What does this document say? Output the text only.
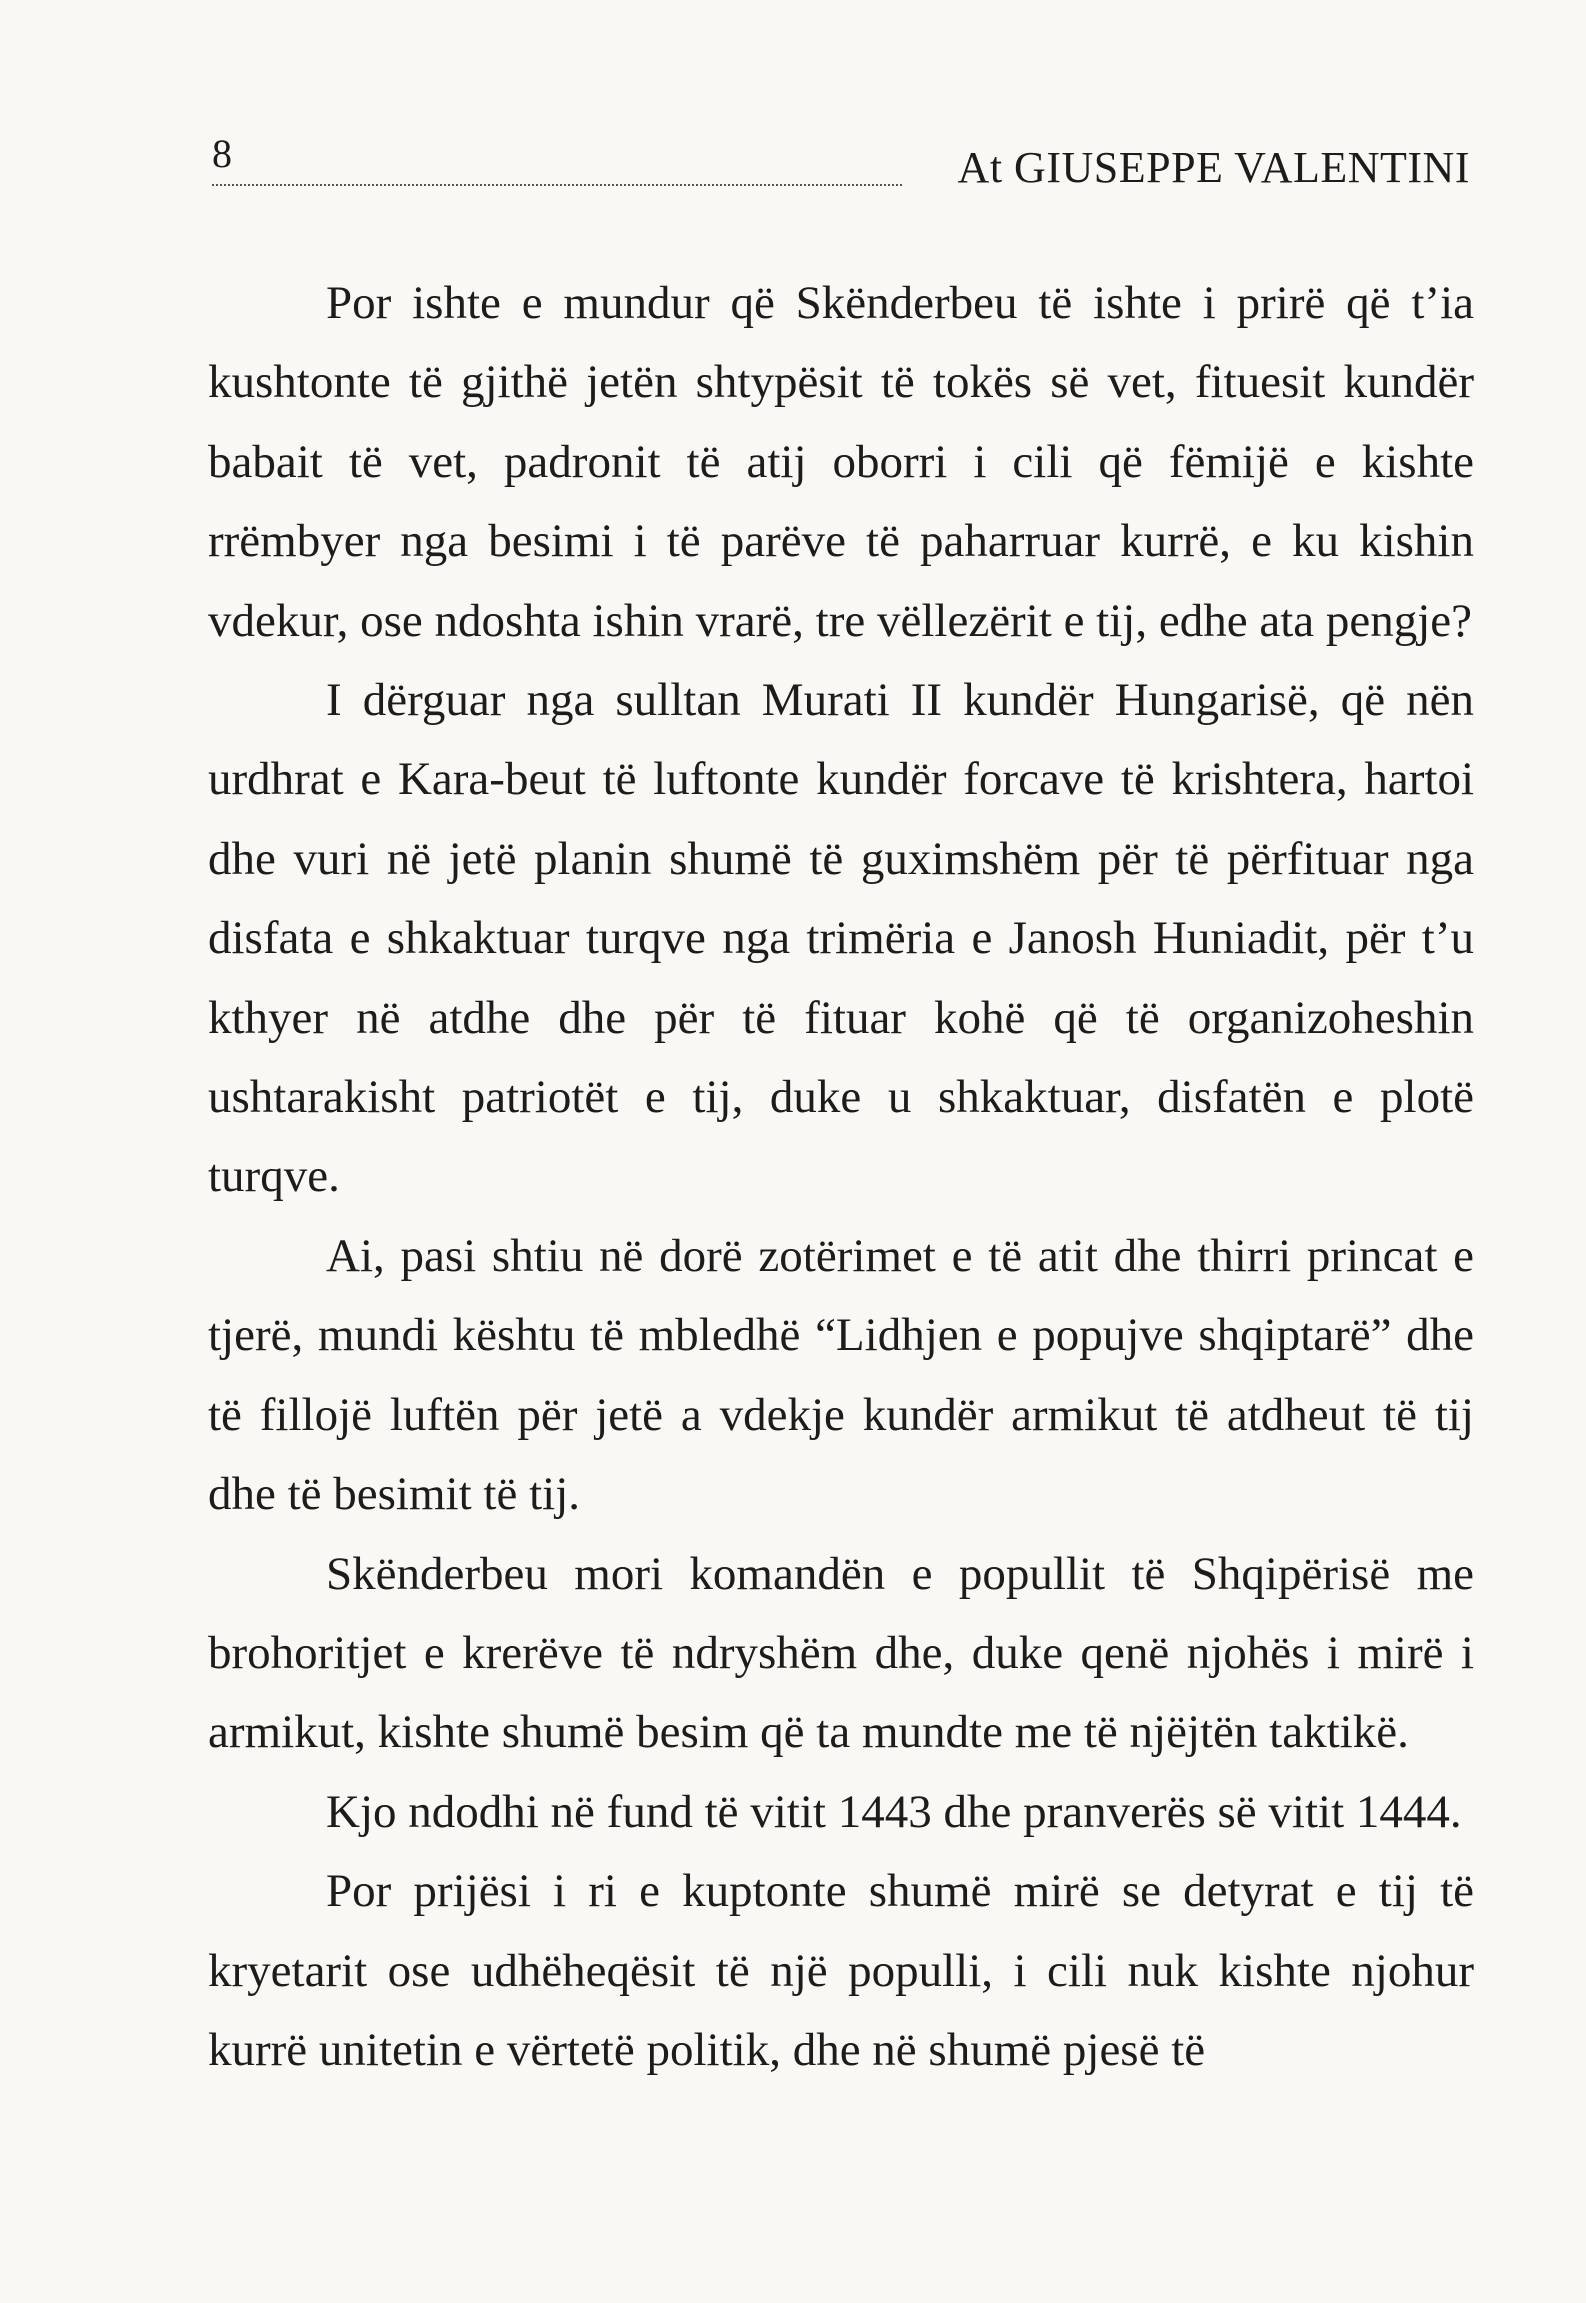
8	At GIUSEPPE VALENTINI

Por ishte e mundur që Skënderbeu të ishte i prirë që t’ia kushtonte të gjithë jetën shtypësit të tokës së vet, fituesit kundër babait të vet, padronit të atij oborri i cili që fëmijë e kishte rrëmbyer nga besimi i të parëve të paharruar kurrë, e ku kishin vdekur, ose ndoshta ishin vrarë, tre vëllezërit e tij, edhe ata pengje?

I dërguar nga sulltan Murati II kundër Hungarisë, që nën urdhrat e Kara-beut të luftonte kundër forcave të krishtera, hartoi dhe vuri në jetë planin shumë të guximshëm për të përfituar nga disfata e shkaktuar turqve nga trimëria e Janosh Huniadit, për t’u kthyer në atdhe dhe për të fituar kohë që të organizoheshin ushtarakisht patriotët e tij, duke u shkaktuar, disfatën e plotë turqve.

Ai, pasi shtiu në dorë zotërimet e të atit dhe thirri princat e tjerë, mundi kështu të mbledhë “Lidhjen e popujve shqiptarë” dhe të fillojë luftën për jetë a vdekje kundër armikut të atdheut të tij dhe të besimit të tij.

Skënderbeu mori komandën e popullit të Shqipërisë me brohoritjet e krerëve të ndryshëm dhe, duke qenë njohës i mirë i armikut, kishte shumë besim që ta mundte me të njëjtën taktikë.

Kjo ndodhi në fund të vitit 1443 dhe pranverës së vitit 1444.

Por prijësi i ri e kuptonte shumë mirë se detyrat e tij të kryetarit ose udhëheqësit të një populli, i cili nuk kishte njohur kurrë unitetin e vërtetë politik, dhe në shumë pjesë të
